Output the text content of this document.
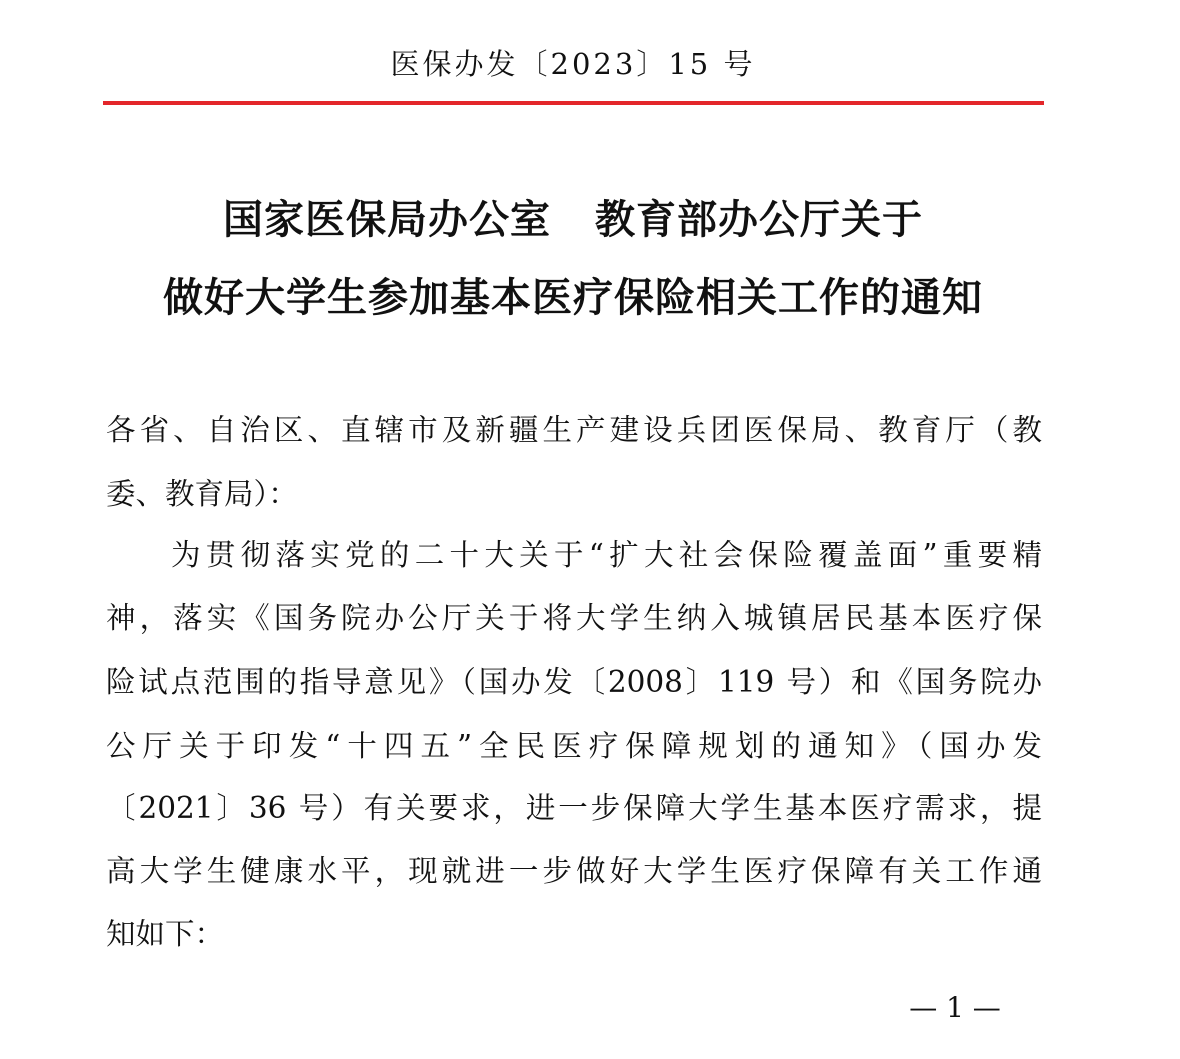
医保办发〔2023〕15 号
国家医保局办公室 教育部办公厅关于
做好大学生参加基本医疗保险相关工作的通知
各省、自治区、直辖市及新疆生产建设兵团医保局、教育厅（教
委、教育局）：
为贯彻落实党的二十大关于“扩大社会保险覆盖面”重要精
神，落实《国务院办公厅关于将大学生纳入城镇居民基本医疗保
险试点范围的指导意见》（国办发〔2008〕119 号）和《国务院办
公厅关于印发“十四五”全民医疗保障规划的通知》（国办发
〔2021〕36 号）有关要求，进一步保障大学生基本医疗需求，提
高大学生健康水平，现就进一步做好大学生医疗保障有关工作通
知如下：
— 1 —
